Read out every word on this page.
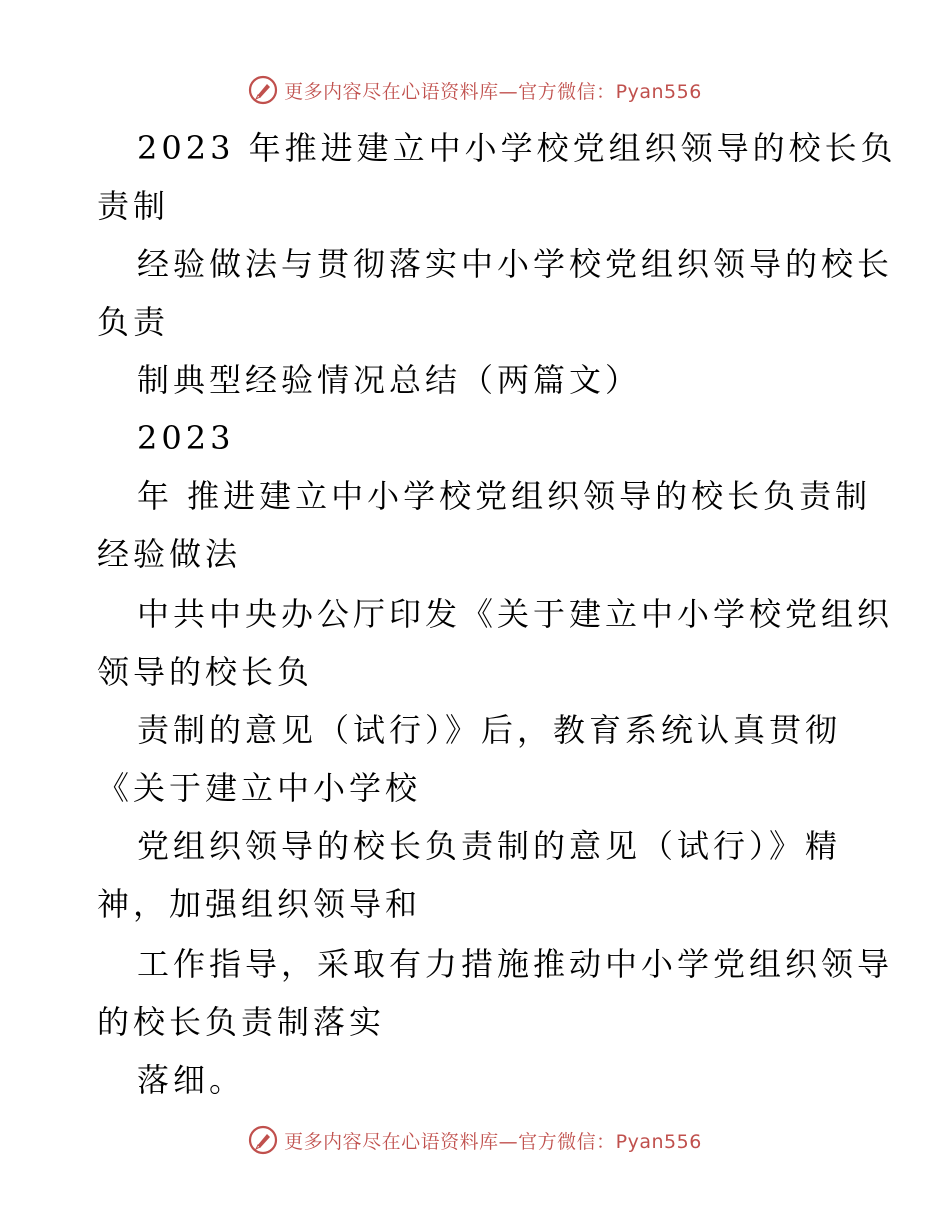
更多内容尽在心语资料库—官方微信：Pyan556
2023 年推进建立中小学校党组织领导的校长负
责制
经验做法与贯彻落实中小学校党组织领导的校长
负责
制典型经验情况总结（两篇文）
2023
年 推进建立中小学校党组织领导的校长负责制
经验做法
中共中央办公厅印发《关于建立中小学校党组织
领导的校长负
责制的意见（试行）》后，教育系统认真贯彻
《关于建立中小学校
党组织领导的校长负责制的意见（试行）》精
神，加强组织领导和
工作指导，采取有力措施推动中小学党组织领导
的校长负责制落实
落细。
更多内容尽在心语资料库—官方微信：Pyan556
